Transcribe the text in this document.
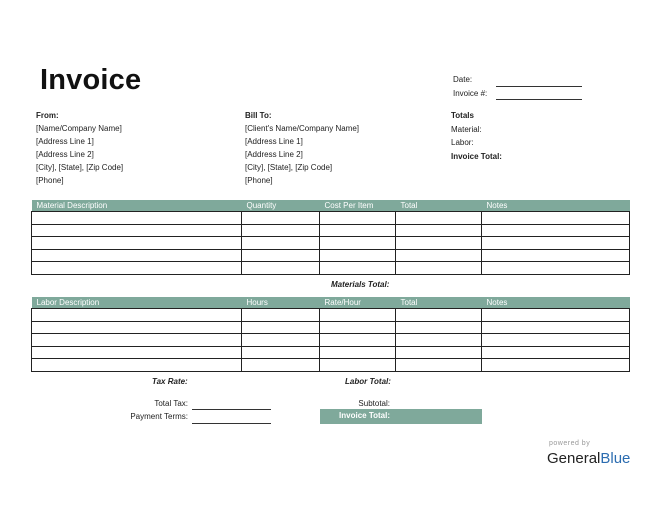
Invoice	Date:
Invoice #:
From:
[Name/Company Name]
[Address Line 1]
[Address Line 2]
[City], [State], [Zip Code]
[Phone]
Bill To:
[Client's Name/Company Name]
[Address Line 1]
[Address Line 2]
[City], [State], [Zip Code]
[Phone]
Totals
Material:
Labor:
Invoice Total:
Material Description	Quantity	Cost Per Item	Total	Notes

Materials Total:
Labor Description	Hours	Rate/Hour	Total	Notes

Tax Rate:	Labor Total:
Total Tax:
Payment Terms:
Subtotal:
Invoice Total:
powered by
GeneralBlue
